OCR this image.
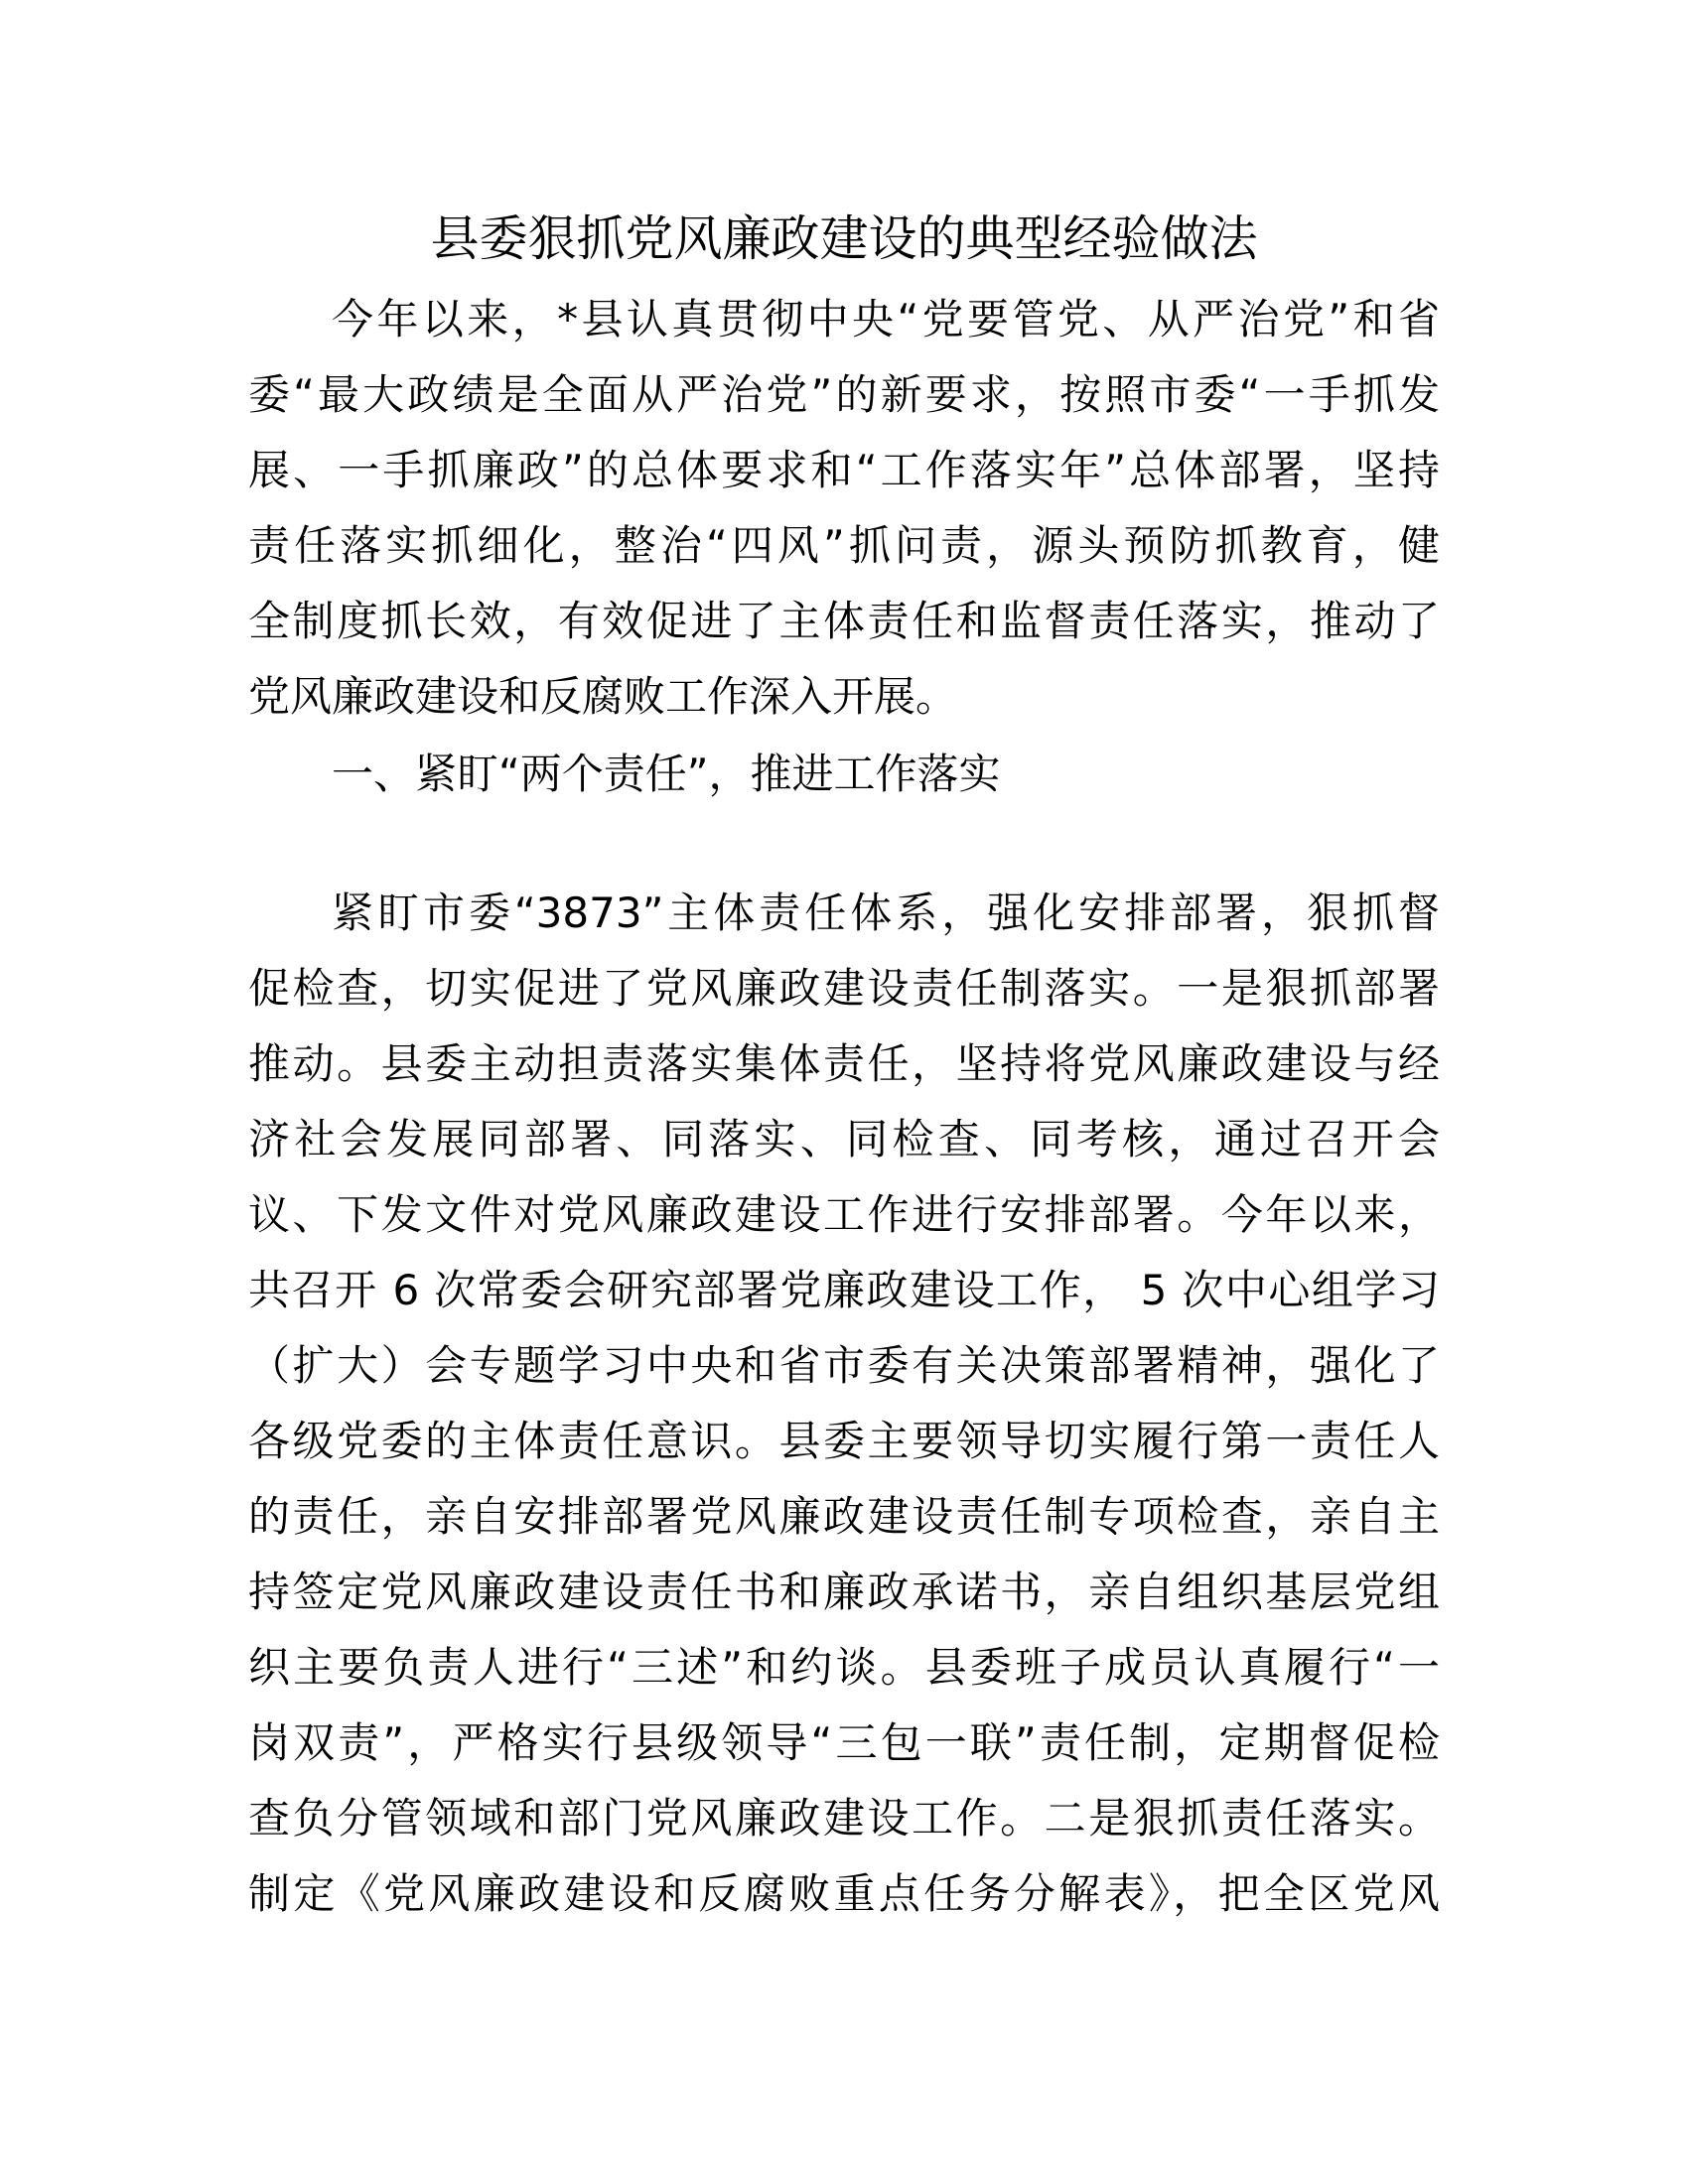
县委狠抓党风廉政建设的典型经验做法

今年以来，*县认真贯彻中央“党要管党、从严治党”和省

委“最大政绩是全面从严治党”的新要求，按照市委“一手抓发

展、一手抓廉政”的总体要求和“工作落实年”总体部署，坚持

责任落实抓细化，整治“四风”抓问责，源头预防抓教育，健

全制度抓长效，有效促进了主体责任和监督责任落实，推动了

党风廉政建设和反腐败工作深入开展。

一、紧盯“两个责任”，推进工作落实

紧盯市委“3873”主体责任体系，强化安排部署，狠抓督

促检查，切实促进了党风廉政建设责任制落实。一是狠抓部署

推动。县委主动担责落实集体责任，坚持将党风廉政建设与经

济社会发展同部署、同落实、同检查、同考核，通过召开会

议、下发文件对党风廉政建设工作进行安排部署。今年以来，

共召开 6 次常委会研究部署党廉政建设工作， 5 次中心组学习

（扩大）会专题学习中央和省市委有关决策部署精神，强化了

各级党委的主体责任意识。县委主要领导切实履行第一责任人

的责任，亲自安排部署党风廉政建设责任制专项检查，亲自主

持签定党风廉政建设责任书和廉政承诺书，亲自组织基层党组

织主要负责人进行“三述”和约谈。县委班子成员认真履行“一

岗双责”，严格实行县级领导“三包一联”责任制，定期督促检

查负分管领域和部门党风廉政建设工作。二是狠抓责任落实。

制定《党风廉政建设和反腐败重点任务分解表》，把全区党风
